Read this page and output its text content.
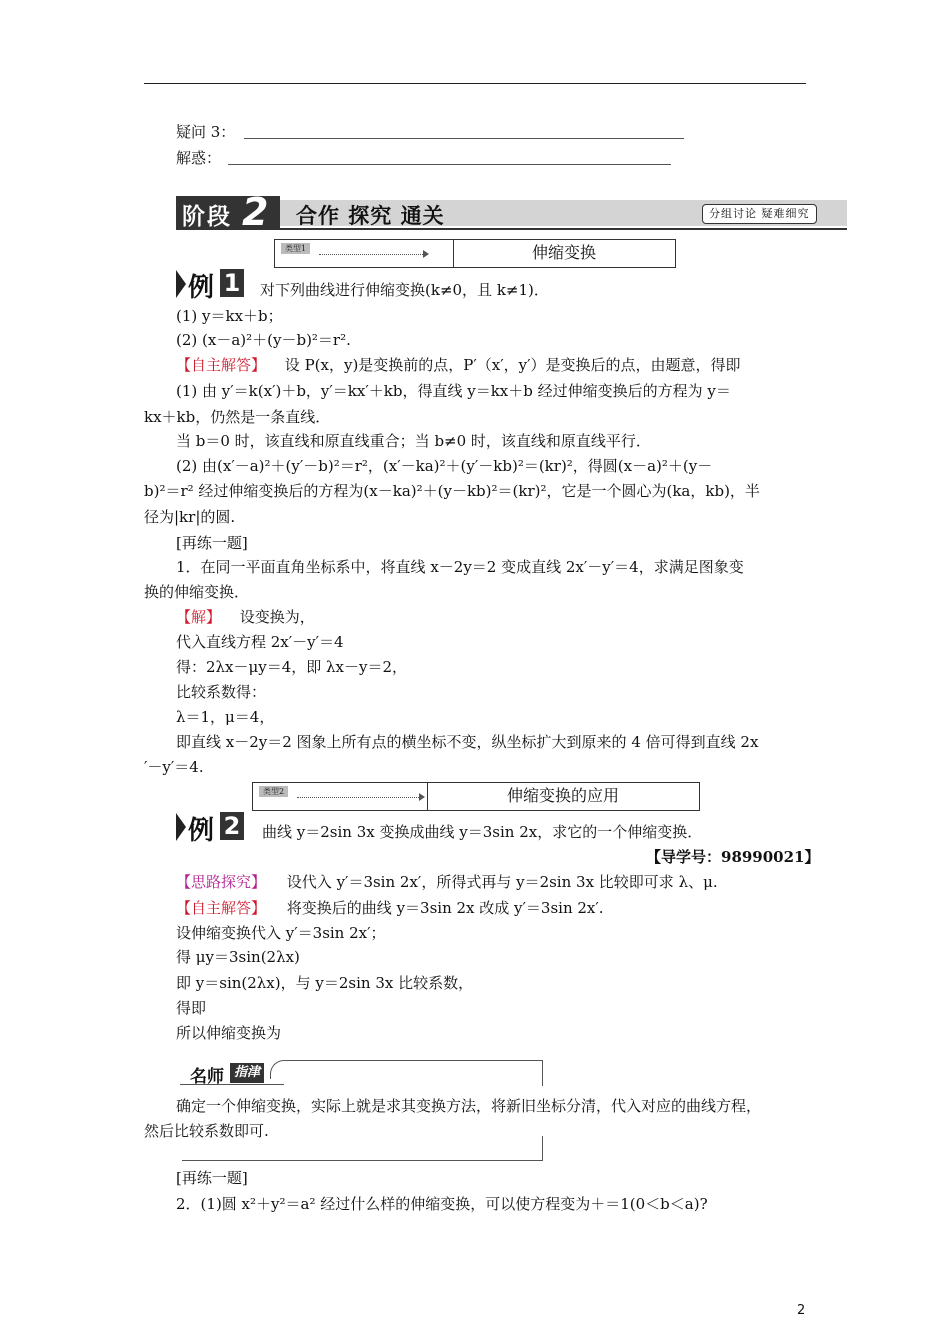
疑问 3：
解惑：
阶段 2 合作 探究 通关	分组讨论 疑难细究
类型1	伸缩变换
例 1 对下列曲线进行伸缩变换(k≠0，且 k≠1)．
(1) y＝kx＋b；
(2) (x－a)²＋(y－b)²＝r².
【自主解答】 设 P(x，y)是变换前的点，P′（x′，y′）是变换后的点，由题意，得即
(1) 由 y′＝k(x′)＋b，y′＝kx′＋kb，得直线 y＝kx＋b 经过伸缩变换后的方程为 y＝
kx＋kb，仍然是一条直线．
当 b＝0 时，该直线和原直线重合；当 b≠0 时，该直线和原直线平行．
(2) 由(x′－a)²＋(y′－b)²＝r²，(x′－ka)²＋(y′－kb)²＝(kr)²，得圆(x－a)²＋(y－
b)²＝r² 经过伸缩变换后的方程为(x－ka)²＋(y－kb)²＝(kr)²，它是一个圆心为(ka，kb)，半
径为|kr|的圆.
[再练一题]
1．在同一平面直角坐标系中，将直线 x－2y＝2 变成直线 2x′－y′＝4，求满足图象变
换的伸缩变换．
【解】 设变换为，
代入直线方程 2x′－y′＝4
得：2λx－μy＝4，即 λx－y＝2，
比较系数得：
λ＝1，μ＝4，
即直线 x－2y＝2 图象上所有点的横坐标不变，纵坐标扩大到原来的 4 倍可得到直线 2x
′－y′＝4.
类型2	伸缩变换的应用
例 2 曲线 y＝2sin 3x 变换成曲线 y＝3sin 2x，求它的一个伸缩变换．
【导学号：98990021】
【思路探究】 设代入 y′＝3sin 2x′，所得式再与 y＝2sin 3x 比较即可求 λ、μ.
【自主解答】 将变换后的曲线 y＝3sin 2x 改成 y′＝3sin 2x′.
设伸缩变换代入 y′＝3sin 2x′；
得 μy＝3sin(2λx)
即 y＝sin(2λx)，与 y＝2sin 3x 比较系数，
得即
所以伸缩变换为
名师 指津
确定一个伸缩变换，实际上就是求其变换方法，将新旧坐标分清，代入对应的曲线方程，
然后比较系数即可.
[再练一题]
2．(1)圆 x²＋y²＝a² 经过什么样的伸缩变换，可以使方程变为＋＝1(0＜b＜a)?
2
